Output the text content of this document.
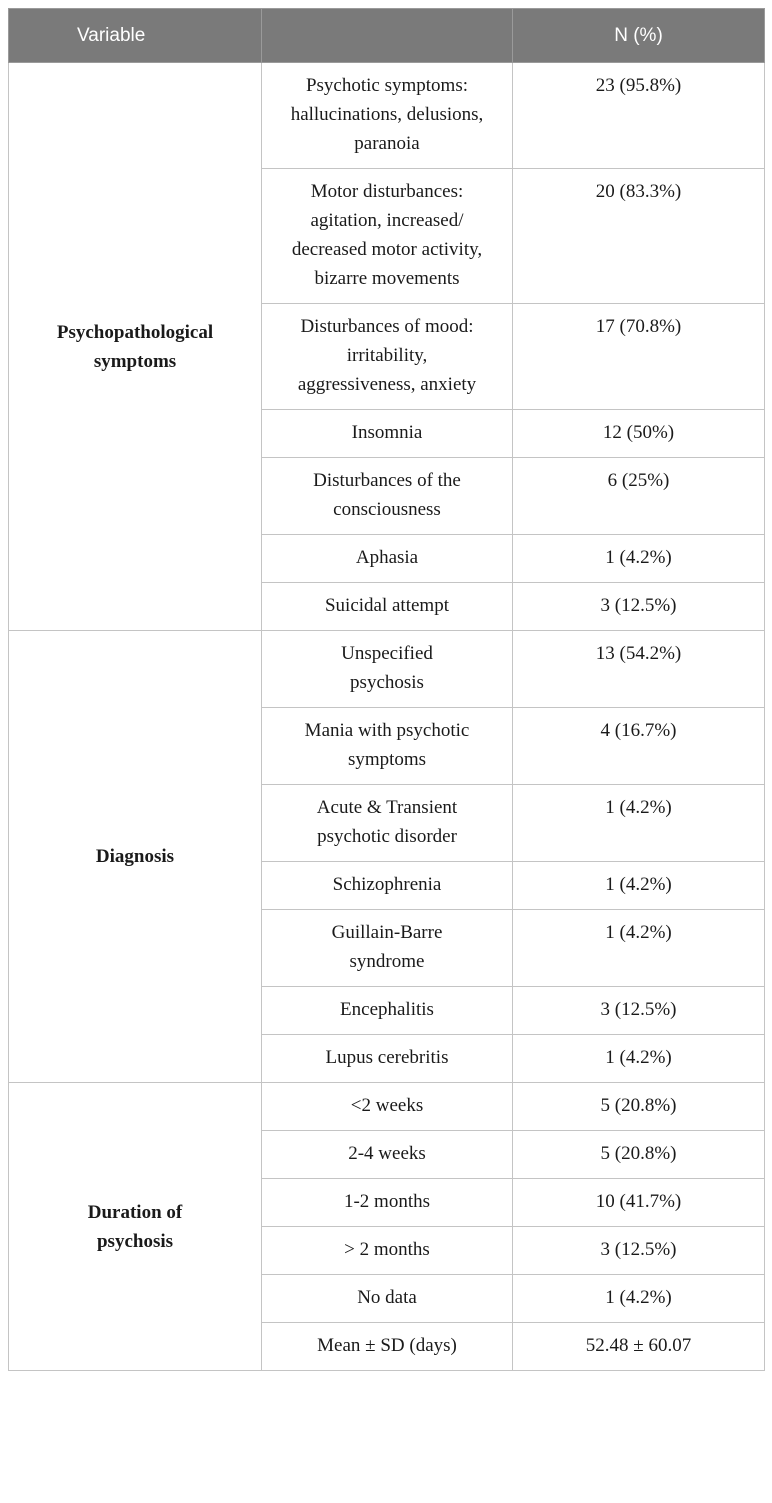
Variable		N (%)
Psychopathological symptoms	Psychotic symptoms: hallucinations, delusions, paranoia	23 (95.8%)
	Motor disturbances: agitation, increased/ decreased motor activity, bizarre movements	20 (83.3%)
	Disturbances of mood: irritability, aggressiveness, anxiety	17 (70.8%)
	Insomnia	12 (50%)
	Disturbances of the consciousness	6 (25%)
	Aphasia	1 (4.2%)
	Suicidal attempt	3 (12.5%)
Diagnosis	Unspecified psychosis	13 (54.2%)
	Mania with psychotic symptoms	4 (16.7%)
	Acute & Transient psychotic disorder	1 (4.2%)
	Schizophrenia	1 (4.2%)
	Guillain-Barre syndrome	1 (4.2%)
	Encephalitis	3 (12.5%)
	Lupus cerebritis	1 (4.2%)
Duration of psychosis	<2 weeks	5 (20.8%)
	2-4 weeks	5 (20.8%)
	1-2 months	10 (41.7%)
	> 2 months	3 (12.5%)
	No data	1 (4.2%)
	Mean ± SD (days)	52.48 ± 60.07
